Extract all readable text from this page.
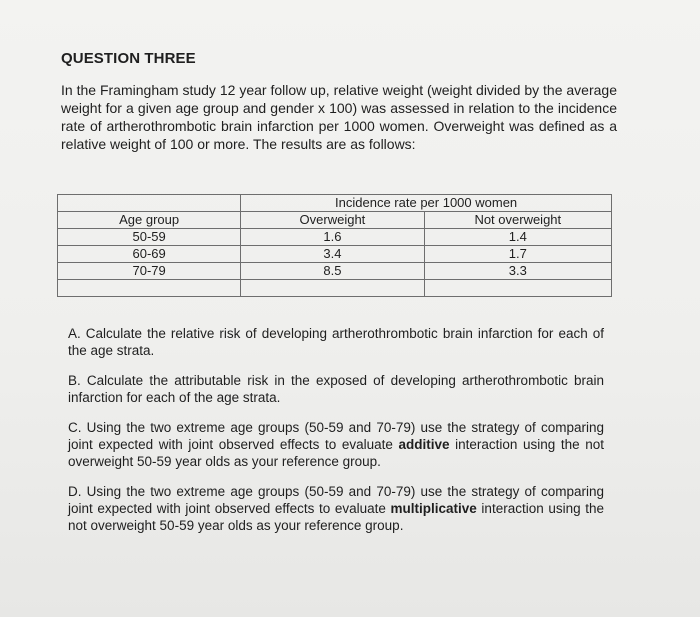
QUESTION THREE
In the Framingham study 12 year follow up, relative weight (weight divided by the average weight for a given age group and gender x 100) was assessed in relation to the incidence rate of artherothrombotic brain infarction per 1000 women. Overweight was defined as a relative weight of 100 or more. The results are as follows:
	Incidence rate per 1000 women	
Age group	Overweight	Not overweight
50-59	1.6	1.4
60-69	3.4	1.7
70-79	8.5	3.3

A. Calculate the relative risk of developing artherothrombotic brain infarction for each of the age strata.
B. Calculate the attributable risk in the exposed of developing artherothrombotic brain infarction for each of the age strata.
C. Using the two extreme age groups (50-59 and 70-79) use the strategy of comparing joint expected with joint observed effects to evaluate additive interaction using the not overweight 50-59 year olds as your reference group.
D. Using the two extreme age groups (50-59 and 70-79) use the strategy of comparing joint expected with joint observed effects to evaluate multiplicative interaction using the not overweight 50-59 year olds as your reference group.
